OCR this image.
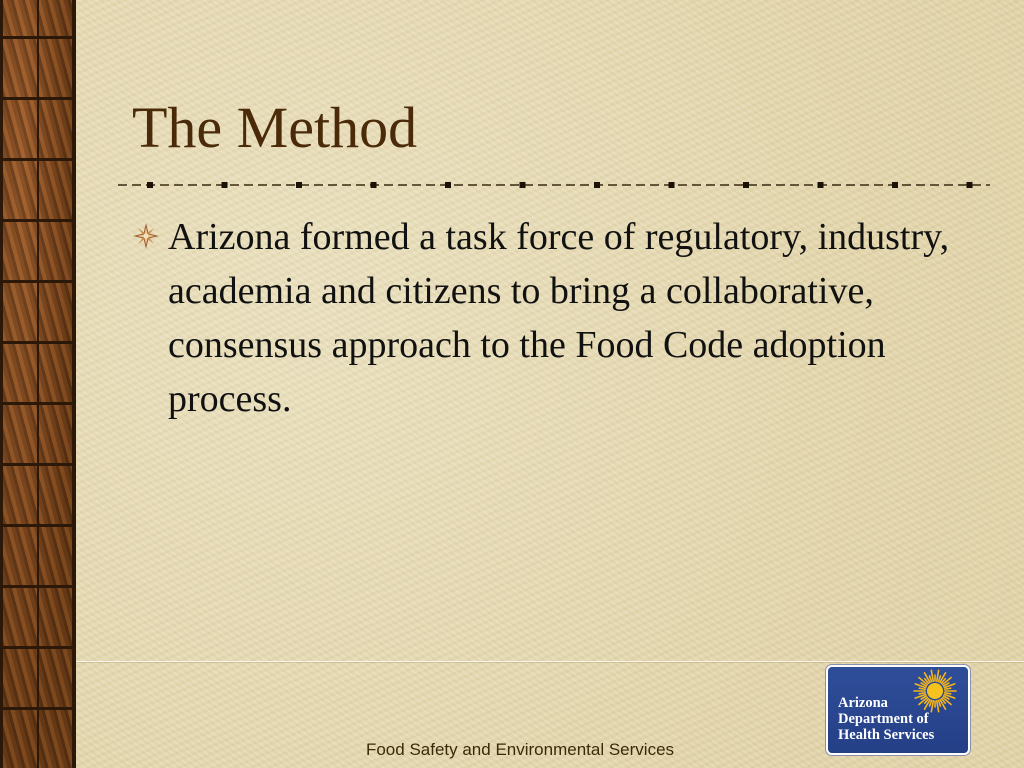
The Method
Arizona formed a task force of regulatory, industry, academia and citizens to bring a collaborative, consensus approach to the Food Code adoption process.
Food Safety and Environmental Services
Arizona
Department of
Health Services
